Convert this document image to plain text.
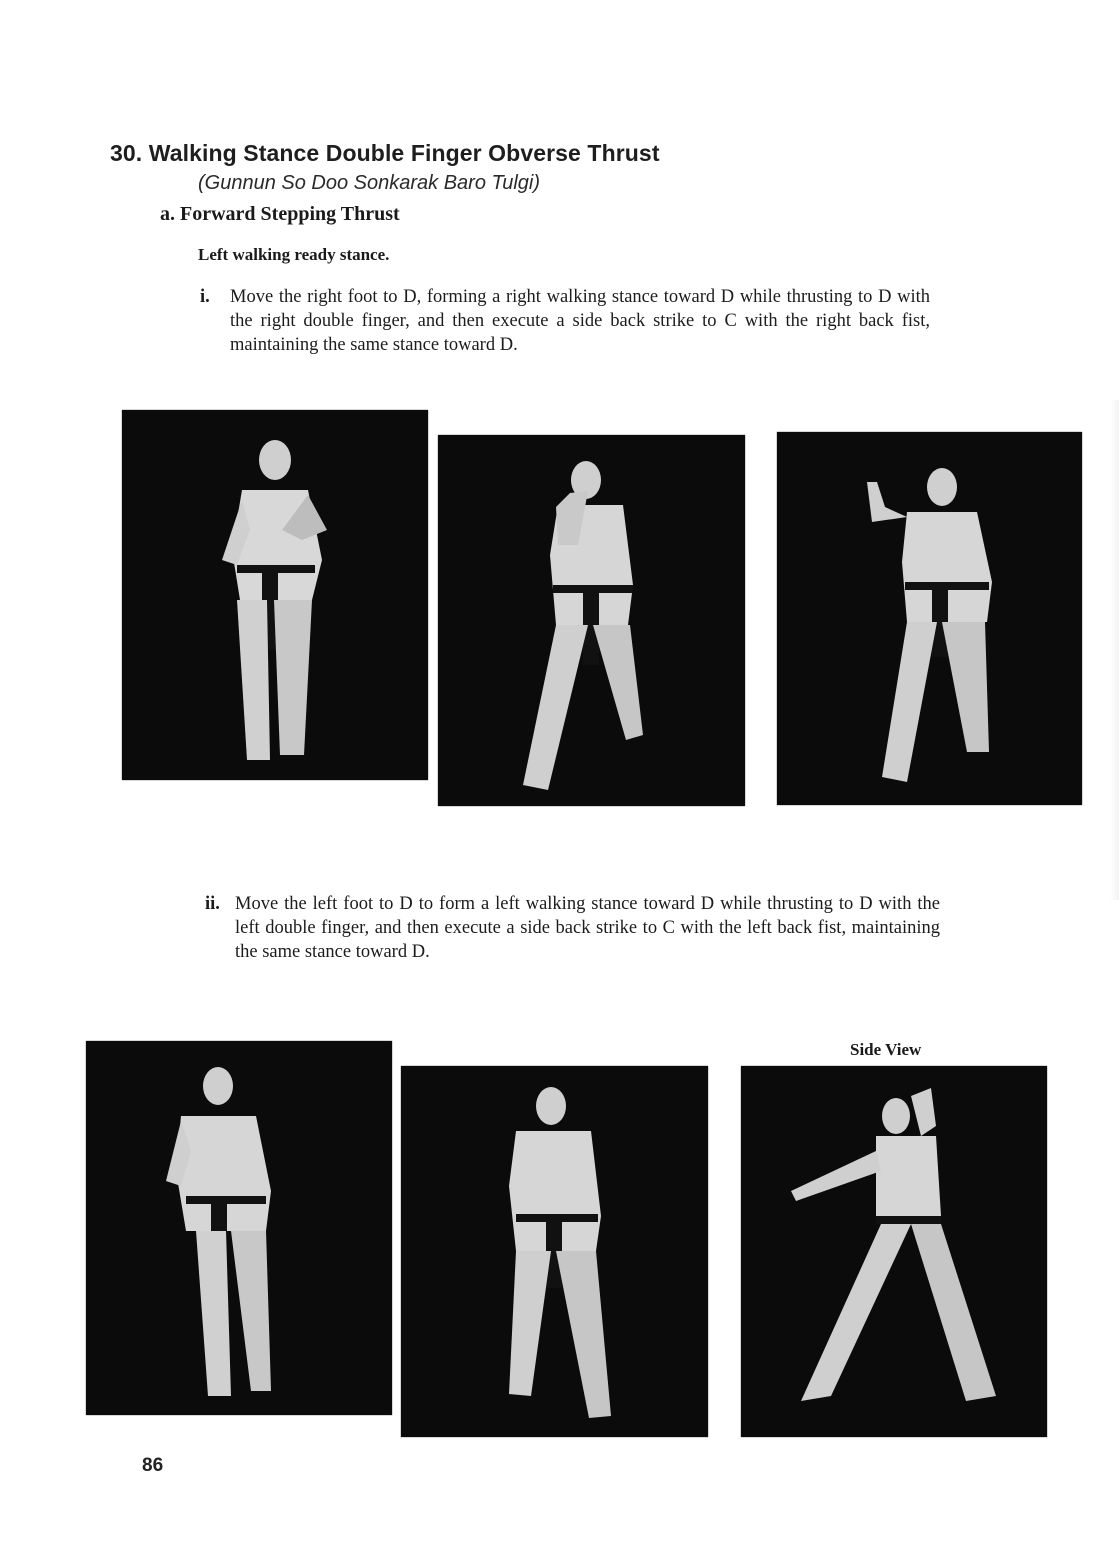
30. Walking Stance Double Finger Obverse Thrust
(Gunnun So Doo Sonkarak Baro Tulgi)
a. Forward Stepping Thrust
Left walking ready stance.
i.	Move the right foot to D, forming a right walking stance toward D while thrusting to D with the right double finger, and then execute a side back strike to C with the right back fist, maintaining the same stance toward D.
ii. Move the left foot to D to form a left walking stance toward D while thrusting to D with the left double finger, and then execute a side back strike to C with the left back fist, maintaining the same stance toward D.
Side View
86
